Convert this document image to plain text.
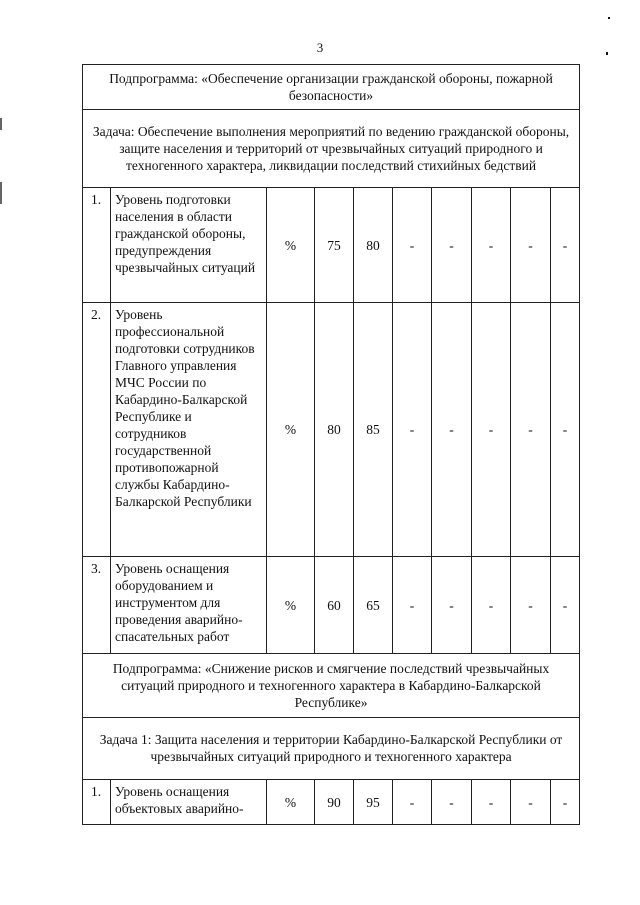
3
Подпрограмма: «Обеспечение организации гражданской обороны, пожарной безопасности»									
Задача: Обеспечение выполнения мероприятий по ведению гражданской обороны, защите населения и территорий от чрезвычайных ситуаций природного и техногенного характера, ликвидации последствий стихийных бедствий									
1.	Уровень подготовки населения в области гражданской обороны, предупреждения чрезвычайных ситуаций	%	75	80	-	-	-	-	-
2.	Уровень профессиональной подготовки сотрудников Главного управления МЧС России по Кабардино-Балкарской Республике и сотрудников государственной противопожарной службы Кабардино-Балкарской Республики	%	80	85	-	-	-	-	-
3.	Уровень оснащения оборудованием и инструментом для проведения аварийно-спасательных работ	%	60	65	-	-	-	-	-
Подпрограмма: «Снижение рисков и смягчение последствий чрезвычайных ситуаций природного и техногенного характера в Кабардино-Балкарской Республике»									
Задача 1: Защита населения и территории Кабардино-Балкарской Республики от чрезвычайных ситуаций природного и техногенного характера									
1.	Уровень оснащения объектовых аварийно-	%	90	95	-	-	-	-	-
